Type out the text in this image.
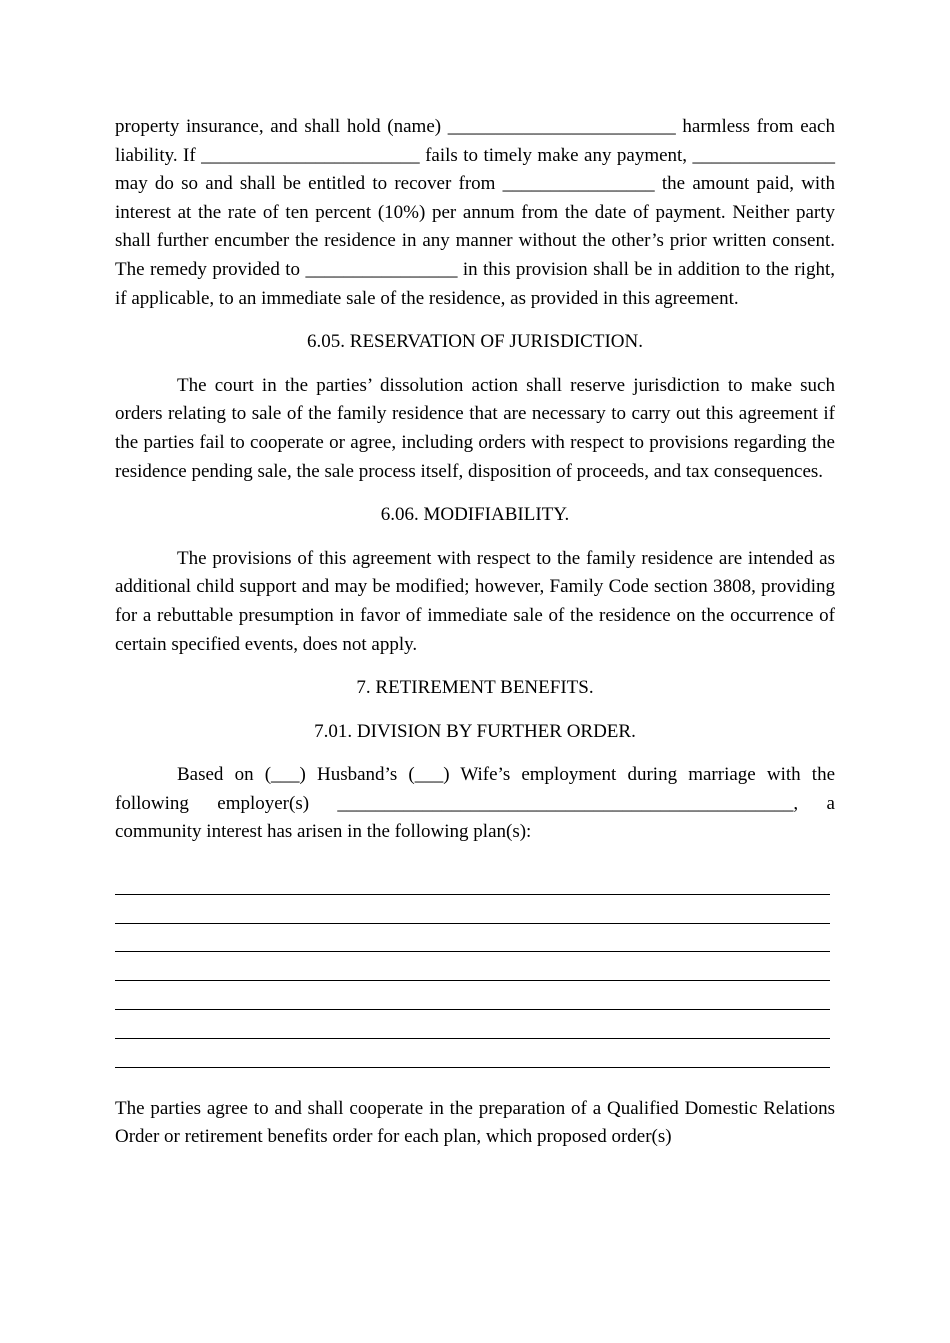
property insurance, and shall hold (name) ________________________ harmless from each liability. If _______________________ fails to timely make any payment, _______________ may do so and shall be entitled to recover from ________________ the amount paid, with interest at the rate of ten percent (10%) per annum from the date of payment. Neither party shall further encumber the residence in any manner without the other’s prior written consent. The remedy provided to ________________ in this provision shall be in addition to the right, if applicable, to an immediate sale of the residence, as provided in this agreement.

6.05. RESERVATION OF JURISDICTION.

The court in the parties’ dissolution action shall reserve jurisdiction to make such orders relating to sale of the family residence that are necessary to carry out this agreement if the parties fail to cooperate or agree, including orders with respect to provisions regarding the residence pending sale, the sale process itself, disposition of proceeds, and tax consequences.

6.06. MODIFIABILITY.

The provisions of this agreement with respect to the family residence are intended as additional child support and may be modified; however, Family Code section 3808, providing for a rebuttable presumption in favor of immediate sale of the residence on the occurrence of certain specified events, does not apply.

7. RETIREMENT BENEFITS.

7.01. DIVISION BY FURTHER ORDER.

Based on (___) Husband’s (___) Wife’s employment during marriage with the following employer(s) ________________________________________________, a community interest has arisen in the following plan(s):

The parties agree to and shall cooperate in the preparation of a Qualified Domestic Relations Order or retirement benefits order for each plan, which proposed order(s)
